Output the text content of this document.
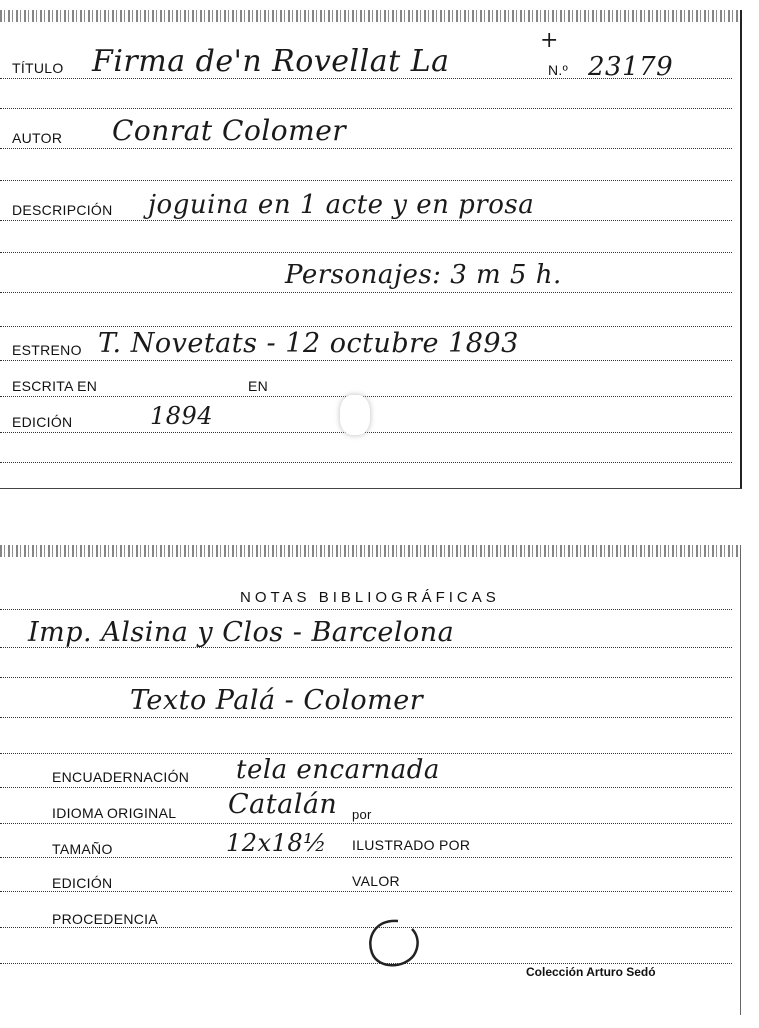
TÍTULO Firma de'n Rovellat La
+
N.º 23179
AUTOR Conrat Colomer
DESCRIPCIÓN joguina en 1 acte y en prosa
Personajes: 3 m 5 h.
ESTRENO T. Novetats - 12 octubre 1893
ESCRITA EN	EN
EDICIÓN	1894
NOTAS BIBLIOGRÁFICAS
Imp. Alsina y Clos - Barcelona
Texto Palá - Colomer
ENCUADERNACIÓN tela encarnada
IDIOMA ORIGINAL Catalán por
TAMAÑO	12x18½ ILUSTRADO POR
EDICIÓN	VALOR
PROCEDENCIA
Colección Arturo Sedó
